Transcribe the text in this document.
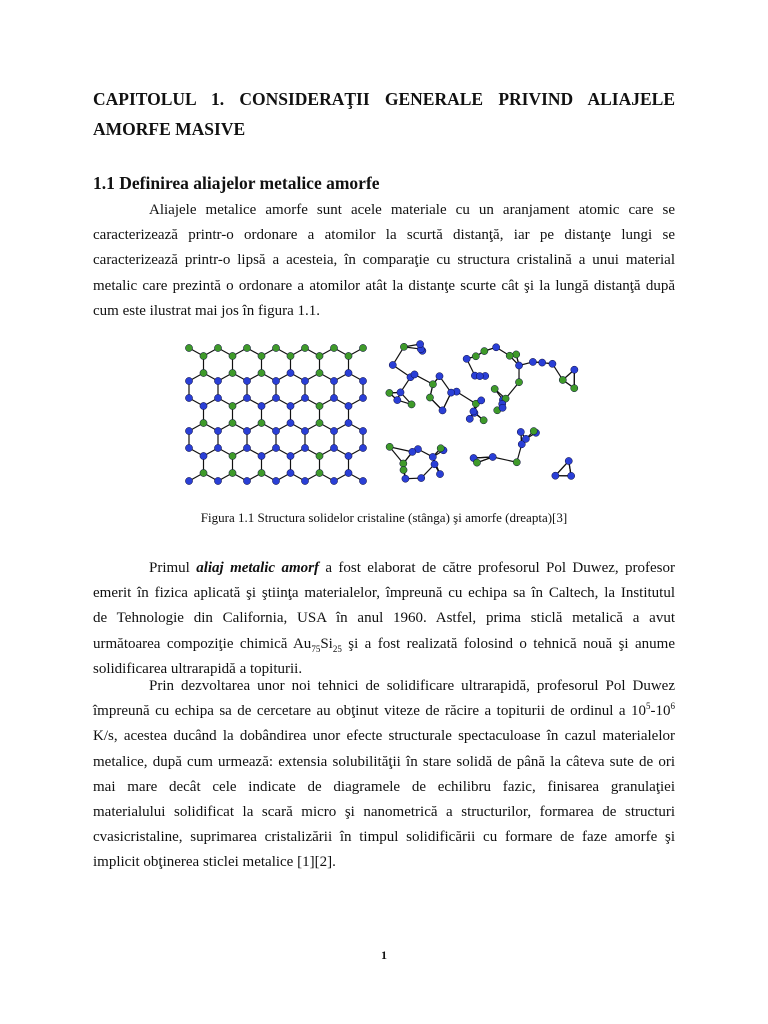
CAPITOLUL 1. CONSIDERAŢII GENERALE PRIVIND ALIAJELE
AMORFE MASIVE
1.1 Definirea aliajelor metalice amorfe

Aliajele metalice amorfe sunt acele materiale cu un aranjament atomic care se
caracterizează printr-o ordonare a atomilor la scurtă distanţă, iar pe distanţe lungi se
caracterizează printr-o lipsă a acesteia, în comparaţie cu structura cristalină a unui material
metalic care prezintă o ordonare a atomilor atât la distanţe scurte cât şi la lungă distanţă după
cum este ilustrat mai jos în figura 1.1.

Figura 1.1 Structura solidelor cristaline (stânga) şi amorfe (dreapta)[3]

Primul aliaj metalic amorf a fost elaborat de către profesorul Pol Duwez, profesor
emerit în fizica aplicată şi ştiinţa materialelor, împreună cu echipa sa în Caltech, la Institutul
de Tehnologie din California, USA în anul 1960. Astfel, prima sticlă metalică a avut
următoarea compoziţie chimică $Au_{75}Si_{25}$ şi a fost realizată folosind o tehnică nouă şi anume
solidificarea ultrarapidă a topiturii.

Prin dezvoltarea unor noi tehnici de solidificare ultrarapidă, profesorul Pol Duwez
împreună cu echipa sa de cercetare au obţinut viteze de răcire a topiturii de ordinul a $10^5-10^6$
K/s, acestea ducând la dobândirea unor efecte structurale spectaculoase în cazul materialelor
metalice, după cum urmează: extensia solubilităţii în stare solidă de până la câteva sute de ori
mai mare decât cele indicate de diagramele de echilibru fazic, finisarea granulaţiei
materialului solidificat la scară micro şi nanometrică a structurilor, formarea de structuri
cvasicristaline, suprimarea cristalizării în timpul solidificării cu formare de faze amorfe şi
implicit obţinerea sticlei metalice [1][2].

1
